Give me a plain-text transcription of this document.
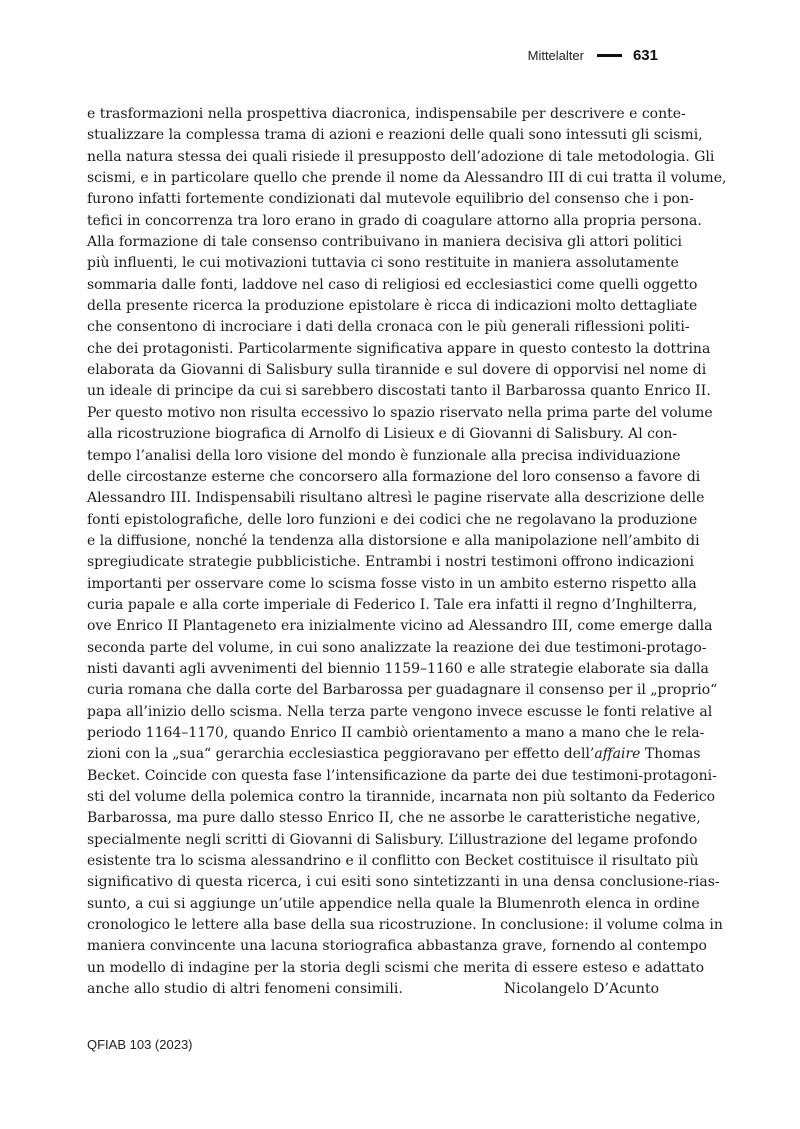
Mittelalter	631
e trasformazioni nella prospettiva diacronica, indispensabile per descrivere e conte-
stualizzare la complessa trama di azioni e reazioni delle quali sono intessuti gli scismi,
nella natura stessa dei quali risiede il presupposto dell’adozione di tale metodologia. Gli
scismi, e in particolare quello che prende il nome da Alessandro III di cui tratta il volume,
furono infatti fortemente condizionati dal mutevole equilibrio del consenso che i pon-
tefici in concorrenza tra loro erano in grado di coagulare attorno alla propria persona.
Alla formazione di tale consenso contribuivano in maniera decisiva gli attori politici
più influenti, le cui motivazioni tuttavia ci sono restituite in maniera assolutamente
sommaria dalle fonti, laddove nel caso di religiosi ed ecclesiastici come quelli oggetto
della presente ricerca la produzione epistolare è ricca di indicazioni molto dettagliate
che consentono di incrociare i dati della cronaca con le più generali riflessioni politi-
che dei protagonisti. Particolarmente significativa appare in questo contesto la dottrina
elaborata da Giovanni di Salisbury sulla tirannide e sul dovere di opporvisi nel nome di
un ideale di principe da cui si sarebbero discostati tanto il Barbarossa quanto Enrico II.
Per questo motivo non risulta eccessivo lo spazio riservato nella prima parte del volume
alla ricostruzione biografica di Arnolfo di Lisieux e di Giovanni di Salisbury. Al con-
tempo l’analisi della loro visione del mondo è funzionale alla precisa individuazione
delle circostanze esterne che concorsero alla formazione del loro consenso a favore di
Alessandro III. Indispensabili risultano altresì le pagine riservate alla descrizione delle
fonti epistolografiche, delle loro funzioni e dei codici che ne regolavano la produzione
e la diffusione, nonché la tendenza alla distorsione e alla manipolazione nell’ambito di
spregiudicate strategie pubblicistiche. Entrambi i nostri testimoni offrono indicazioni
importanti per osservare come lo scisma fosse visto in un ambito esterno rispetto alla
curia papale e alla corte imperiale di Federico I. Tale era infatti il regno d’Inghilterra,
ove Enrico II Plantageneto era inizialmente vicino ad Alessandro III, come emerge dalla
seconda parte del volume, in cui sono analizzate la reazione dei due testimoni-protago-
nisti davanti agli avvenimenti del biennio 1159–1160 e alle strategie elaborate sia dalla
curia romana che dalla corte del Barbarossa per guadagnare il consenso per il „proprio“
papa all’inizio dello scisma. Nella terza parte vengono invece escusse le fonti relative al
periodo 1164–1170, quando Enrico II cambiò orientamento a mano a mano che le rela-
zioni con la „sua“ gerarchia ecclesiastica peggioravano per effetto dell’affaire Thomas
Becket. Coincide con questa fase l’intensificazione da parte dei due testimoni-protagoni-
sti del volume della polemica contro la tirannide, incarnata non più soltanto da Federico
Barbarossa, ma pure dallo stesso Enrico II, che ne assorbe le caratteristiche negative,
specialmente negli scritti di Giovanni di Salisbury. L’illustrazione del legame profondo
esistente tra lo scisma alessandrino e il conflitto con Becket costituisce il risultato più
significativo di questa ricerca, i cui esiti sono sintetizzanti in una densa conclusione-rias-
sunto, a cui si aggiunge un’utile appendice nella quale la Blumenroth elenca in ordine
cronologico le lettere alla base della sua ricostruzione. In conclusione: il volume colma in
maniera convincente una lacuna storiografica abbastanza grave, fornendo al contempo
un modello di indagine per la storia degli scismi che merita di essere esteso e adattato
anche allo studio di altri fenomeni consimili.	Nicolangelo D’Acunto
QFIAB 103 (2023)
